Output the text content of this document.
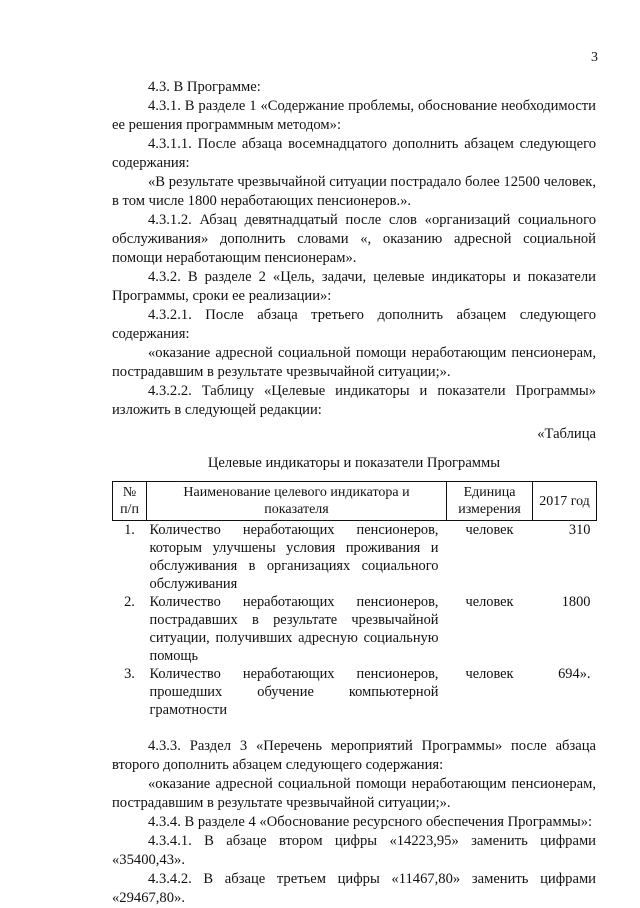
3

4.3. В Программе:

4.3.1. В разделе 1 «Содержание проблемы, обоснование необходимости ее решения программным методом»:

4.3.1.1. После абзаца восемнадцатого дополнить абзацем следующего содержания:

«В результате чрезвычайной ситуации пострадало более 12500 человек, в том числе 1800 неработающих пенсионеров.».

4.3.1.2. Абзац девятнадцатый после слов «организаций социального обслуживания» дополнить словами «, оказанию адресной социальной помощи неработающим пенсионерам».

4.3.2. В разделе 2 «Цель, задачи, целевые индикаторы и показатели Программы, сроки ее реализации»:

4.3.2.1. После абзаца третьего дополнить абзацем следующего содержания:

«оказание адресной социальной помощи неработающим пенсионерам, пострадавшим в результате чрезвычайной ситуации;».

4.3.2.2. Таблицу «Целевые индикаторы и показатели Программы» изложить в следующей редакции:

«Таблица

Целевые индикаторы и показатели Программы

№ п/п	Наименование целевого индикатора и показателя	Единица измерения	2017 год
1.	Количество неработающих пенсионеров, которым улучшены условия проживания и обслуживания в организациях социального обслуживания	человек	310
2.	Количество неработающих пенсионеров, пострадавших в результате чрезвычайной ситуации, получивших адресную социальную помощь	человек	1800
3.	Количество неработающих пенсионеров, прошедших обучение компьютерной грамотности	человек	694».

4.3.3. Раздел 3 «Перечень мероприятий Программы» после абзаца второго дополнить абзацем следующего содержания:

«оказание адресной социальной помощи неработающим пенсионерам, пострадавшим в результате чрезвычайной ситуации;».

4.3.4. В разделе 4 «Обоснование ресурсного обеспечения Программы»:

4.3.4.1. В абзаце втором цифры «14223,95» заменить цифрами «35400,43».

4.3.4.2. В абзаце третьем цифры «11467,80» заменить цифрами «29467,80».
